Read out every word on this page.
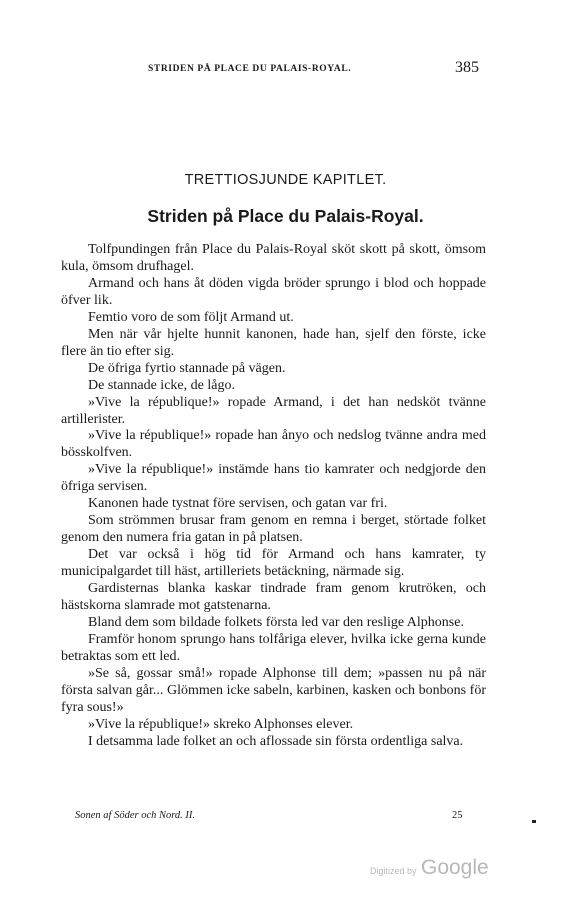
STRIDEN PÅ PLACE DU PALAIS-ROYAL.	385
TRETTIOSJUNDE KAPITLET.
Striden på Place du Palais-Royal.

Tolfpundingen från Place du Palais-Royal sköt skott på skott, ömsom kula, ömsom drufhagel.

Armand och hans åt döden vigda bröder sprungo i blod och hoppade öfver lik.

Femtio voro de som följt Armand ut.

Men när vår hjelte hunnit kanonen, hade han, sjelf den förste, icke flere än tio efter sig.

De öfriga fyrtio stannade på vägen.

De stannade icke, de lågo.

»Vive la république!» ropade Armand, i det han nedsköt tvänne artillerister.

»Vive la république!» ropade han ånyo och nedslog tvänne andra med bösskolfven.

»Vive la république!» instämde hans tio kamrater och nedgjorde den öfriga servisen.

Kanonen hade tystnat före servisen, och gatan var fri.

Som strömmen brusar fram genom en remna i berget, störtade folket genom den numera fria gatan in på platsen.

Det var också i hög tid för Armand och hans kamrater, ty municipalgardet till häst, artilleriets betäckning, närmade sig.

Gardisternas blanka kaskar tindrade fram genom krutröken, och hästskorna slamrade mot gatstenarna.

Bland dem som bildade folkets första led var den reslige Alphonse.

Framför honom sprungo hans tolfåriga elever, hvilka icke gerna kunde betraktas som ett led.

»Se så, gossar små!» ropade Alphonse till dem; »passen nu på när första salvan går... Glömmen icke sabeln, karbinen, kasken och bonbons för fyra sous!»

»Vive la république!» skreko Alphonses elever.

I detsamma lade folket an och aflossade sin första ordentliga salva.

Sonen af Söder och Nord. II.	25
Digitized by Google
